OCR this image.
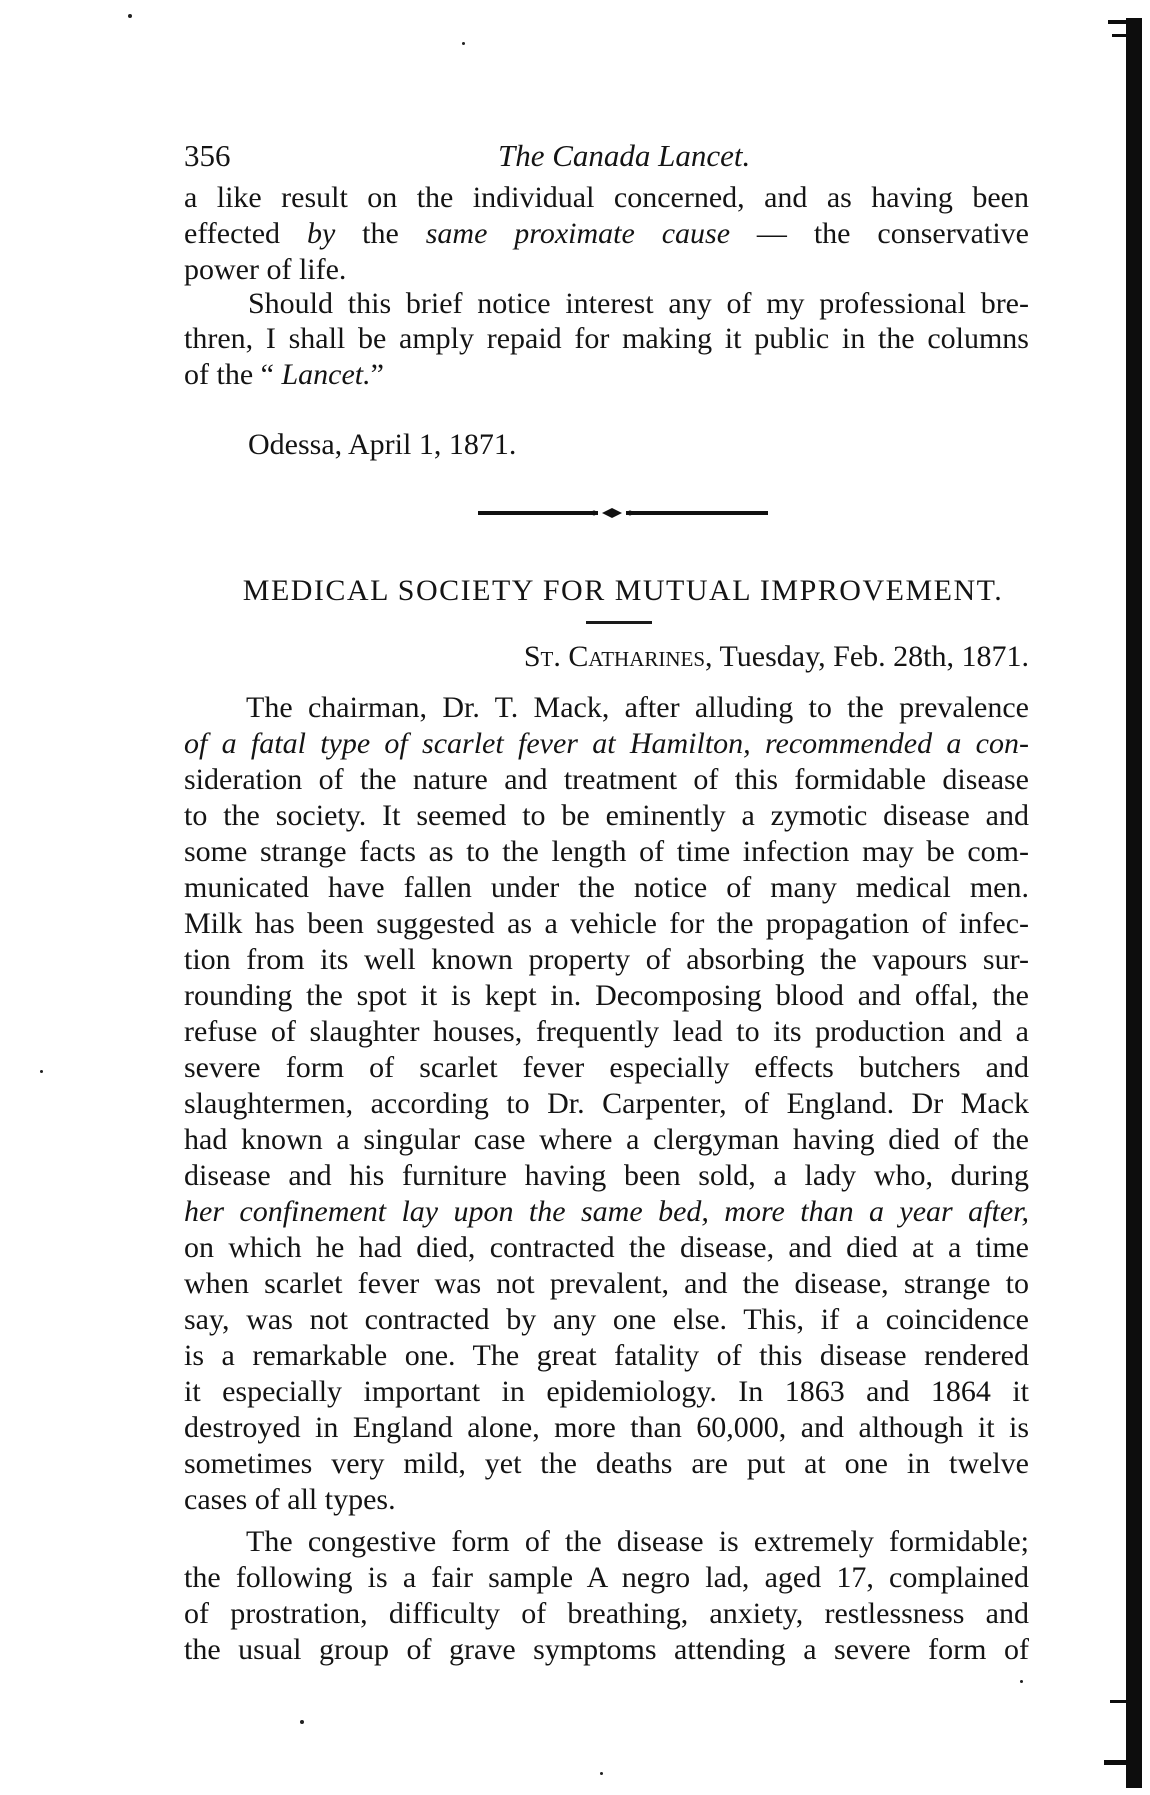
356	The Canada Lancet.
a like result on the individual concerned, and as having been
effected by the same proximate cause — the conservative
power of life.
Should this brief notice interest any of my professional bre-
thren, I shall be amply repaid for making it public in the columns
of the “ Lancet.”
Odessa, April 1, 1871.
MEDICAL SOCIETY FOR MUTUAL IMPROVEMENT.
St. Catharines, Tuesday, Feb. 28th, 1871.
The chairman, Dr. T. Mack, after alluding to the prevalence
of a fatal type of scarlet fever at Hamilton, recommended a con-
sideration of the nature and treatment of this formidable disease
to the society. It seemed to be eminently a zymotic disease and
some strange facts as to the length of time infection may be com-
municated have fallen under the notice of many medical men.
Milk has been suggested as a vehicle for the propagation of infec-
tion from its well known property of absorbing the vapours sur-
rounding the spot it is kept in. Decomposing blood and offal, the
refuse of slaughter houses, frequently lead to its production and a
severe form of scarlet fever especially effects butchers and
slaughtermen, according to Dr. Carpenter, of England. Dr Mack
had known a singular case where a clergyman having died of the
disease and his furniture having been sold, a lady who, during
her confinement lay upon the same bed, more than a year after,
on which he had died, contracted the disease, and died at a time
when scarlet fever was not prevalent, and the disease, strange to
say, was not contracted by any one else. This, if a coincidence
is a remarkable one. The great fatality of this disease rendered
it especially important in epidemiology. In 1863 and 1864 it
destroyed in England alone, more than 60,000, and although it is
sometimes very mild, yet the deaths are put at one in twelve
cases of all types.
The congestive form of the disease is extremely formidable;
the following is a fair sample A negro lad, aged 17, complained
of prostration, difficulty of breathing, anxiety, restlessness and
the usual group of grave symptoms attending a severe form of
